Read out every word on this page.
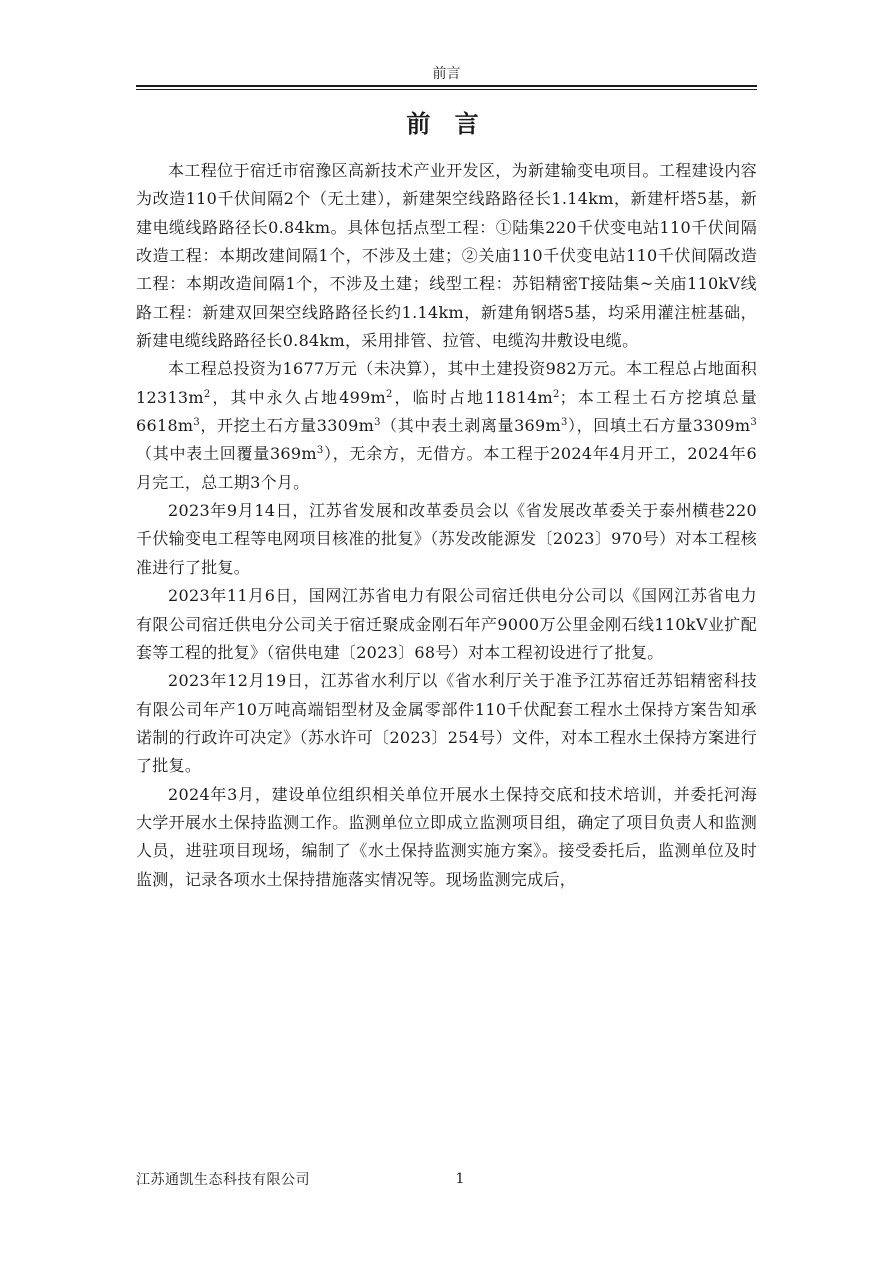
前言
前 言

本工程位于宿迁市宿豫区高新技术产业开发区，为新建输变电项目。工程建设内容为改造110千伏间隔2个（无土建），新建架空线路路径长1.14km，新建杆塔5基，新建电缆线路路径长0.84km。具体包括点型工程：①陆集220千伏变电站110千伏间隔改造工程：本期改建间隔1个，不涉及土建；②关庙110千伏变电站110千伏间隔改造工程：本期改造间隔1个，不涉及土建；线型工程：苏铝精密T接陆集~关庙110kV线路工程：新建双回架空线路路径长约1.14km，新建角钢塔5基，均采用灌注桩基础，新建电缆线路路径长0.84km，采用排管、拉管、电缆沟井敷设电缆。

本工程总投资为1677万元（未决算），其中土建投资982万元。本工程总占地面积$12313m^2$，其中永久占地$499m^2$，临时占地$11814m^2$；本工程土石方挖填总量$6618m^3$，开挖土石方量$3309m^3$（其中表土剥离量$369m^3$），回填土石方量$3309m^3$（其中表土回覆量$369m^3$），无余方，无借方。本工程于2024年4月开工，2024年6月完工，总工期3个月。

2023年9月14日，江苏省发展和改革委员会以《省发展改革委关于泰州横巷220千伏输变电工程等电网项目核准的批复》（苏发改能源发〔2023〕970号）对本工程核准进行了批复。

2023年11月6日，国网江苏省电力有限公司宿迁供电分公司以《国网江苏省电力有限公司宿迁供电分公司关于宿迁聚成金刚石年产9000万公里金刚石线110kV业扩配套等工程的批复》（宿供电建〔2023〕68号）对本工程初设进行了批复。

2023年12月19日，江苏省水利厅以《省水利厅关于准予江苏宿迁苏铝精密科技有限公司年产10万吨高端铝型材及金属零部件110千伏配套工程水土保持方案告知承诺制的行政许可决定》（苏水许可〔2023〕254号）文件，对本工程水土保持方案进行了批复。

2024年3月，建设单位组织相关单位开展水土保持交底和技术培训，并委托河海大学开展水土保持监测工作。监测单位立即成立监测项目组，确定了项目负责人和监测人员，进驻项目现场，编制了《水土保持监测实施方案》。接受委托后，监测单位及时监测，记录各项水土保持措施落实情况等。现场监测完成后，

江苏通凯生态科技有限公司	1
